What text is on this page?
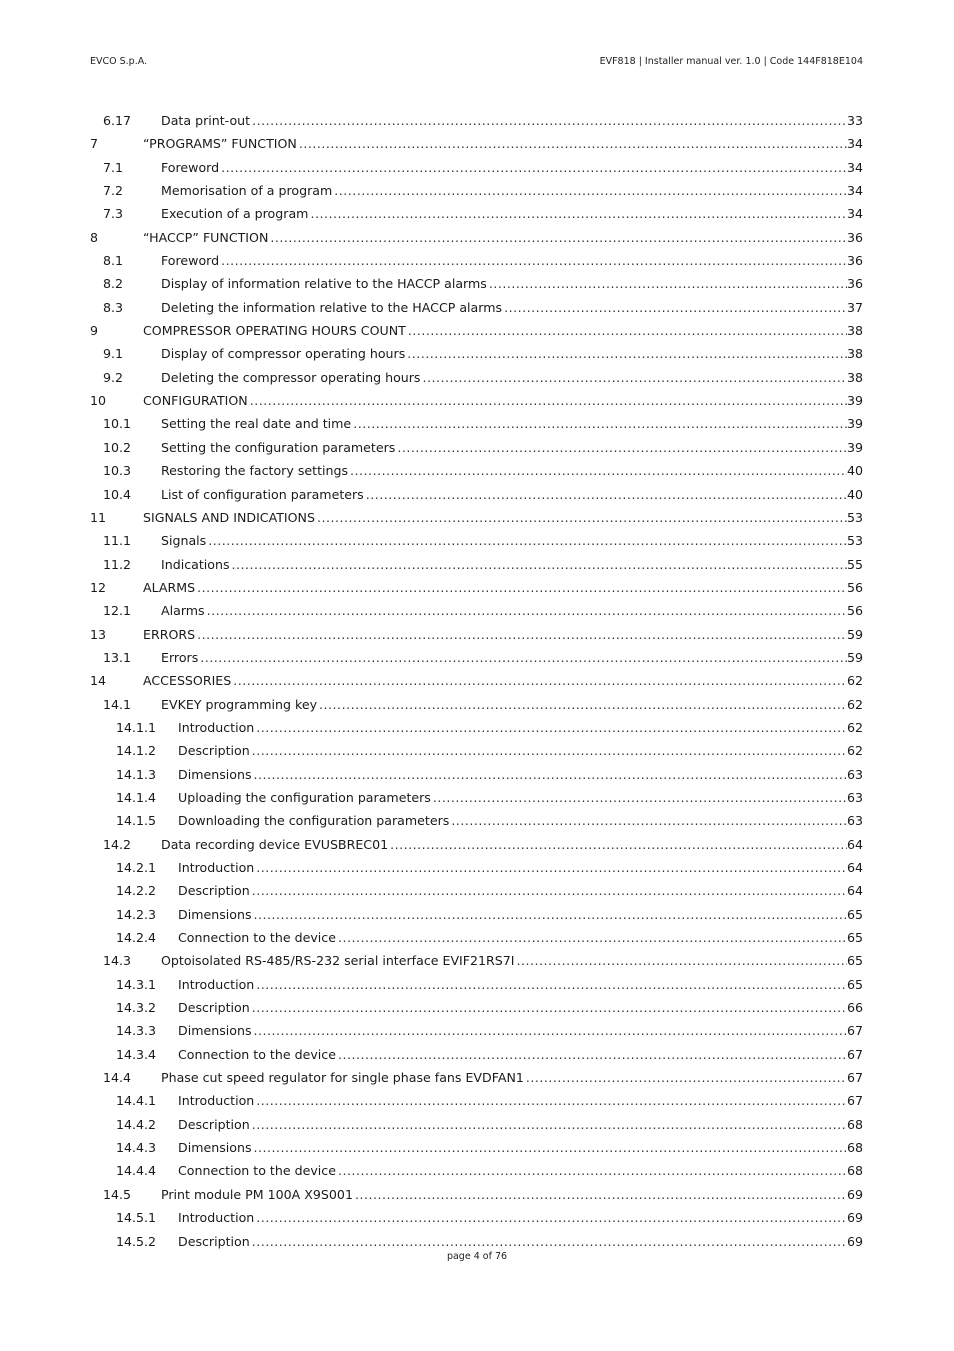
EVCO S.p.A.	EVF818 | Installer manual ver. 1.0 | Code 144F818E104
6.17 Data print-out .....	33
7	“PROGRAMS” FUNCTION .....	34
7.1	Foreword .....	34
7.2	Memorisation of a program .....	34
7.3	Execution of a program .....	34
8	“HACCP” FUNCTION .....	36
8.1	Foreword .....	36
8.2	Display of information relative to the HACCP alarms .....	36
8.3	Deleting the information relative to the HACCP alarms .....	37
9	COMPRESSOR OPERATING HOURS COUNT .....	38
9.1	Display of compressor operating hours .....	38
9.2	Deleting the compressor operating hours .....	38
10	CONFIGURATION .....	39
10.1 Setting the real date and time .....	39
10.2 Setting the configuration parameters .....	39
10.3 Restoring the factory settings .....	40
10.4 List of configuration parameters .....	40
11	SIGNALS AND INDICATIONS .....	53
11.1 Signals .....	53
11.2 Indications .....	55
12	ALARMS .....	56
12.1 Alarms .....	56
13	ERRORS .....	59
13.1 Errors .....	59
14	ACCESSORIES .....	62
14.1 EVKEY programming key .....	62
14.1.1 Introduction .....	62
14.1.2 Description .....	62
14.1.3 Dimensions .....	63
14.1.4 Uploading the configuration parameters .....	63
14.1.5 Downloading the configuration parameters .....	63
14.2 Data recording device EVUSBREC01 .....	64
14.2.1 Introduction .....	64
14.2.2 Description .....	64
14.2.3 Dimensions .....	65
14.2.4 Connection to the device .....	65
14.3 Optoisolated RS-485/RS-232 serial interface EVIF21RS7I .....	65
14.3.1 Introduction .....	65
14.3.2 Description .....	66
14.3.3 Dimensions .....	67
14.3.4 Connection to the device .....	67
14.4 Phase cut speed regulator for single phase fans EVDFAN1 .....	67
14.4.1 Introduction .....	67
14.4.2 Description .....	68
14.4.3 Dimensions .....	68
14.4.4 Connection to the device .....	68
14.5 Print module PM 100A X9S001 .....	69
14.5.1 Introduction .....	69
14.5.2 Description .....	69
page 4 of 76
